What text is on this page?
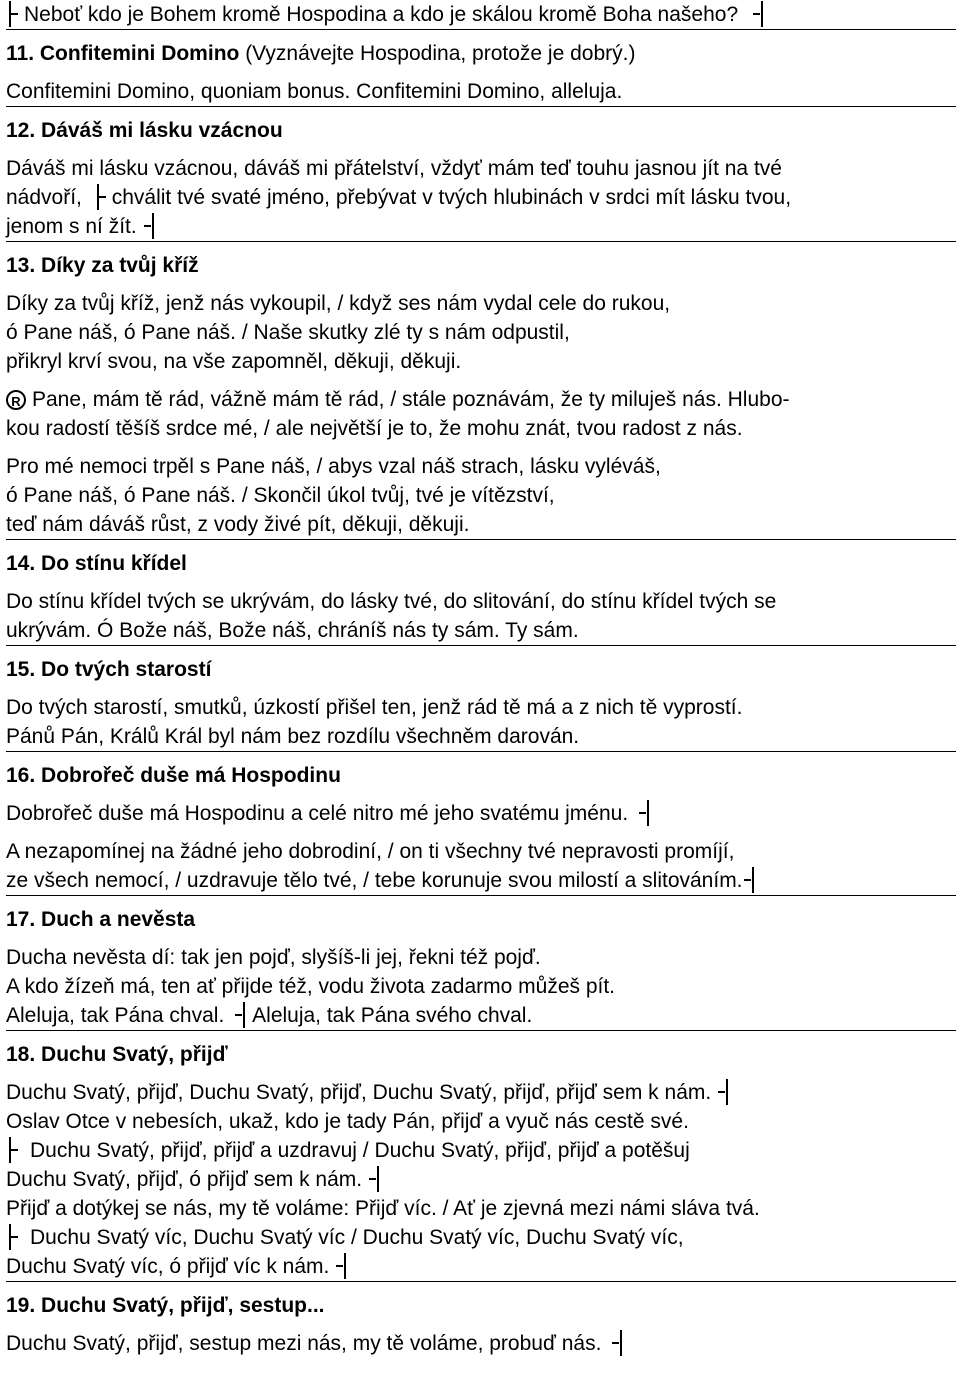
Neboť kdo je Bohem kromě Hospodina a kdo je skálou kromě Boha našeho?
11. Confitemini Domino (Vyznávejte Hospodina, protože je dobrý.)
Confitemini Domino, quoniam bonus. Confitemini Domino, alleluja.
12. Dáváš mi lásku vzácnou
Dáváš mi lásku vzácnou, dáváš mi přátelství, vždyť mám teď touhu jasnou jít na tvé
nádvoří, chválit tvé svaté jméno, přebývat v tvých hlubinách v srdci mít lásku tvou,
jenom s ní žít.
13. Díky za tvůj kříž
Díky za tvůj kříž, jenž nás vykoupil, / když ses nám vydal cele do rukou,
ó Pane náš, ó Pane náš. / Naše skutky zlé ty s nám odpustil,
přikryl krví svou, na vše zapomněl, děkuji, děkuji.
R Pane, mám tě rád, vážně mám tě rád, / stále poznávám, že ty miluješ nás. Hlubo-
kou radostí těšíš srdce mé, / ale největší je to, že mohu znát, tvou radost z nás.
Pro mé nemoci trpěl s Pane náš, / abys vzal náš strach, lásku vyléváš,
ó Pane náš, ó Pane náš. / Skončil úkol tvůj, tvé je vítězství,
teď nám dáváš růst, z vody živé pít, děkuji, děkuji.
14. Do stínu křídel
Do stínu křídel tvých se ukrývám, do lásky tvé, do slitování, do stínu křídel tvých se
ukrývám. Ó Bože náš, Bože náš, chráníš nás ty sám. Ty sám.
15. Do tvých starostí
Do tvých starostí, smutků, úzkostí přišel ten, jenž rád tě má a z nich tě vyprostí.
Pánů Pán, Králů Král byl nám bez rozdílu všechněm darován.
16. Dobrořeč duše má Hospodinu
Dobrořeč duše má Hospodinu a celé nitro mé jeho svatému jménu.
A nezapomínej na žádné jeho dobrodiní, / on ti všechny tvé nepravosti promíjí,
ze všech nemocí, / uzdravuje tělo tvé, / tebe korunuje svou milostí a slitováním.
17. Duch a nevěsta
Ducha nevěsta dí: tak jen pojď, slyšíš-li jej, řekni též pojď.
A kdo žízeň má, ten ať přijde též, vodu života zadarmo můžeš pít.
Aleluja, tak Pána chval. Aleluja, tak Pána svého chval.
18. Duchu Svatý, přijď
Duchu Svatý, přijď, Duchu Svatý, přijď, Duchu Svatý, přijď, přijď sem k nám.
Oslav Otce v nebesích, ukaž, kdo je tady Pán, přijď a vyuč nás cestě své.
Duchu Svatý, přijď, přijď a uzdravuj / Duchu Svatý, přijď, přijď a potěšuj
Duchu Svatý, přijď, ó přijď sem k nám.
Přijď a dotýkej se nás, my tě voláme: Přijď víc. / Ať je zjevná mezi námi sláva tvá.
Duchu Svatý víc, Duchu Svatý víc / Duchu Svatý víc, Duchu Svatý víc,
Duchu Svatý víc, ó přijď víc k nám.
19. Duchu Svatý, přijď, sestup...
Duchu Svatý, přijď, sestup mezi nás, my tě voláme, probuď nás.
